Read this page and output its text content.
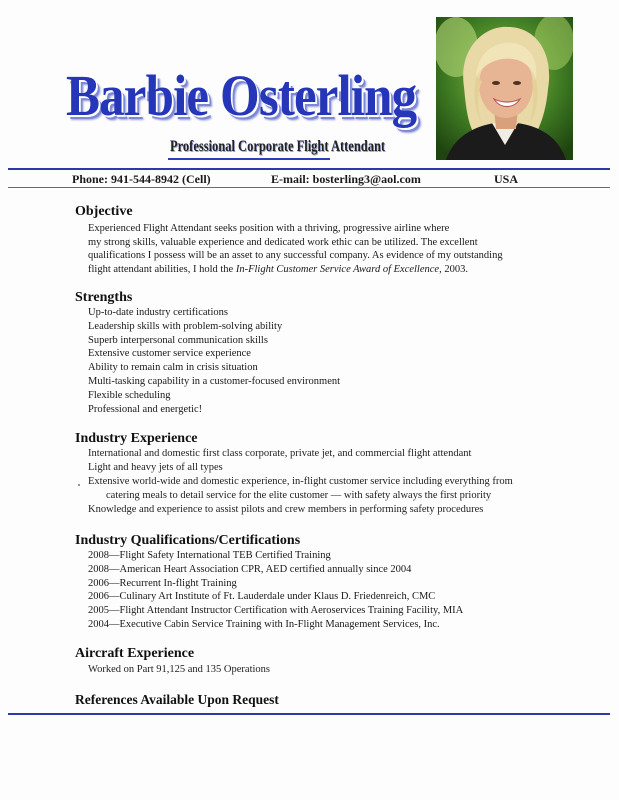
Barbie Osterling
Professional Corporate Flight Attendant
Phone: 941-544-8942 (Cell)	E-mail: bosterling3@aol.com	USA
Objective
Experienced Flight Attendant seeks position with a thriving, progressive airline where
my strong skills, valuable experience and dedicated work ethic can be utilized. The excellent
qualifications I possess will be an asset to any successful company. As evidence of my outstanding
flight attendant abilities, I hold the In-Flight Customer Service Award of Excellence, 2003.
Strengths
Up-to-date industry certifications
Leadership skills with problem-solving ability
Superb interpersonal communication skills
Extensive customer service experience
Ability to remain calm in crisis situation
Multi-tasking capability in a customer-focused environment
Flexible scheduling
Professional and energetic!
Industry Experience
International and domestic first class corporate, private jet, and commercial flight attendant
Light and heavy jets of all types
Extensive world-wide and domestic experience, in-flight customer service including everything from
catering meals to detail service for the elite customer — with safety always the first priority
Knowledge and experience to assist pilots and crew members in performing safety procedures
Industry Qualifications/Certifications
2008—Flight Safety International TEB Certified Training
2008—American Heart Association CPR, AED certified annually since 2004
2006—Recurrent In-flight Training
2006—Culinary Art Institute of Ft. Lauderdale under Klaus D. Friedenreich, CMC
2005—Flight Attendant Instructor Certification with Aeroservices Training Facility, MIA
2004—Executive Cabin Service Training with In-Flight Management Services, Inc.
Aircraft Experience
Worked on Part 91,125 and 135 Operations
References Available Upon Request
